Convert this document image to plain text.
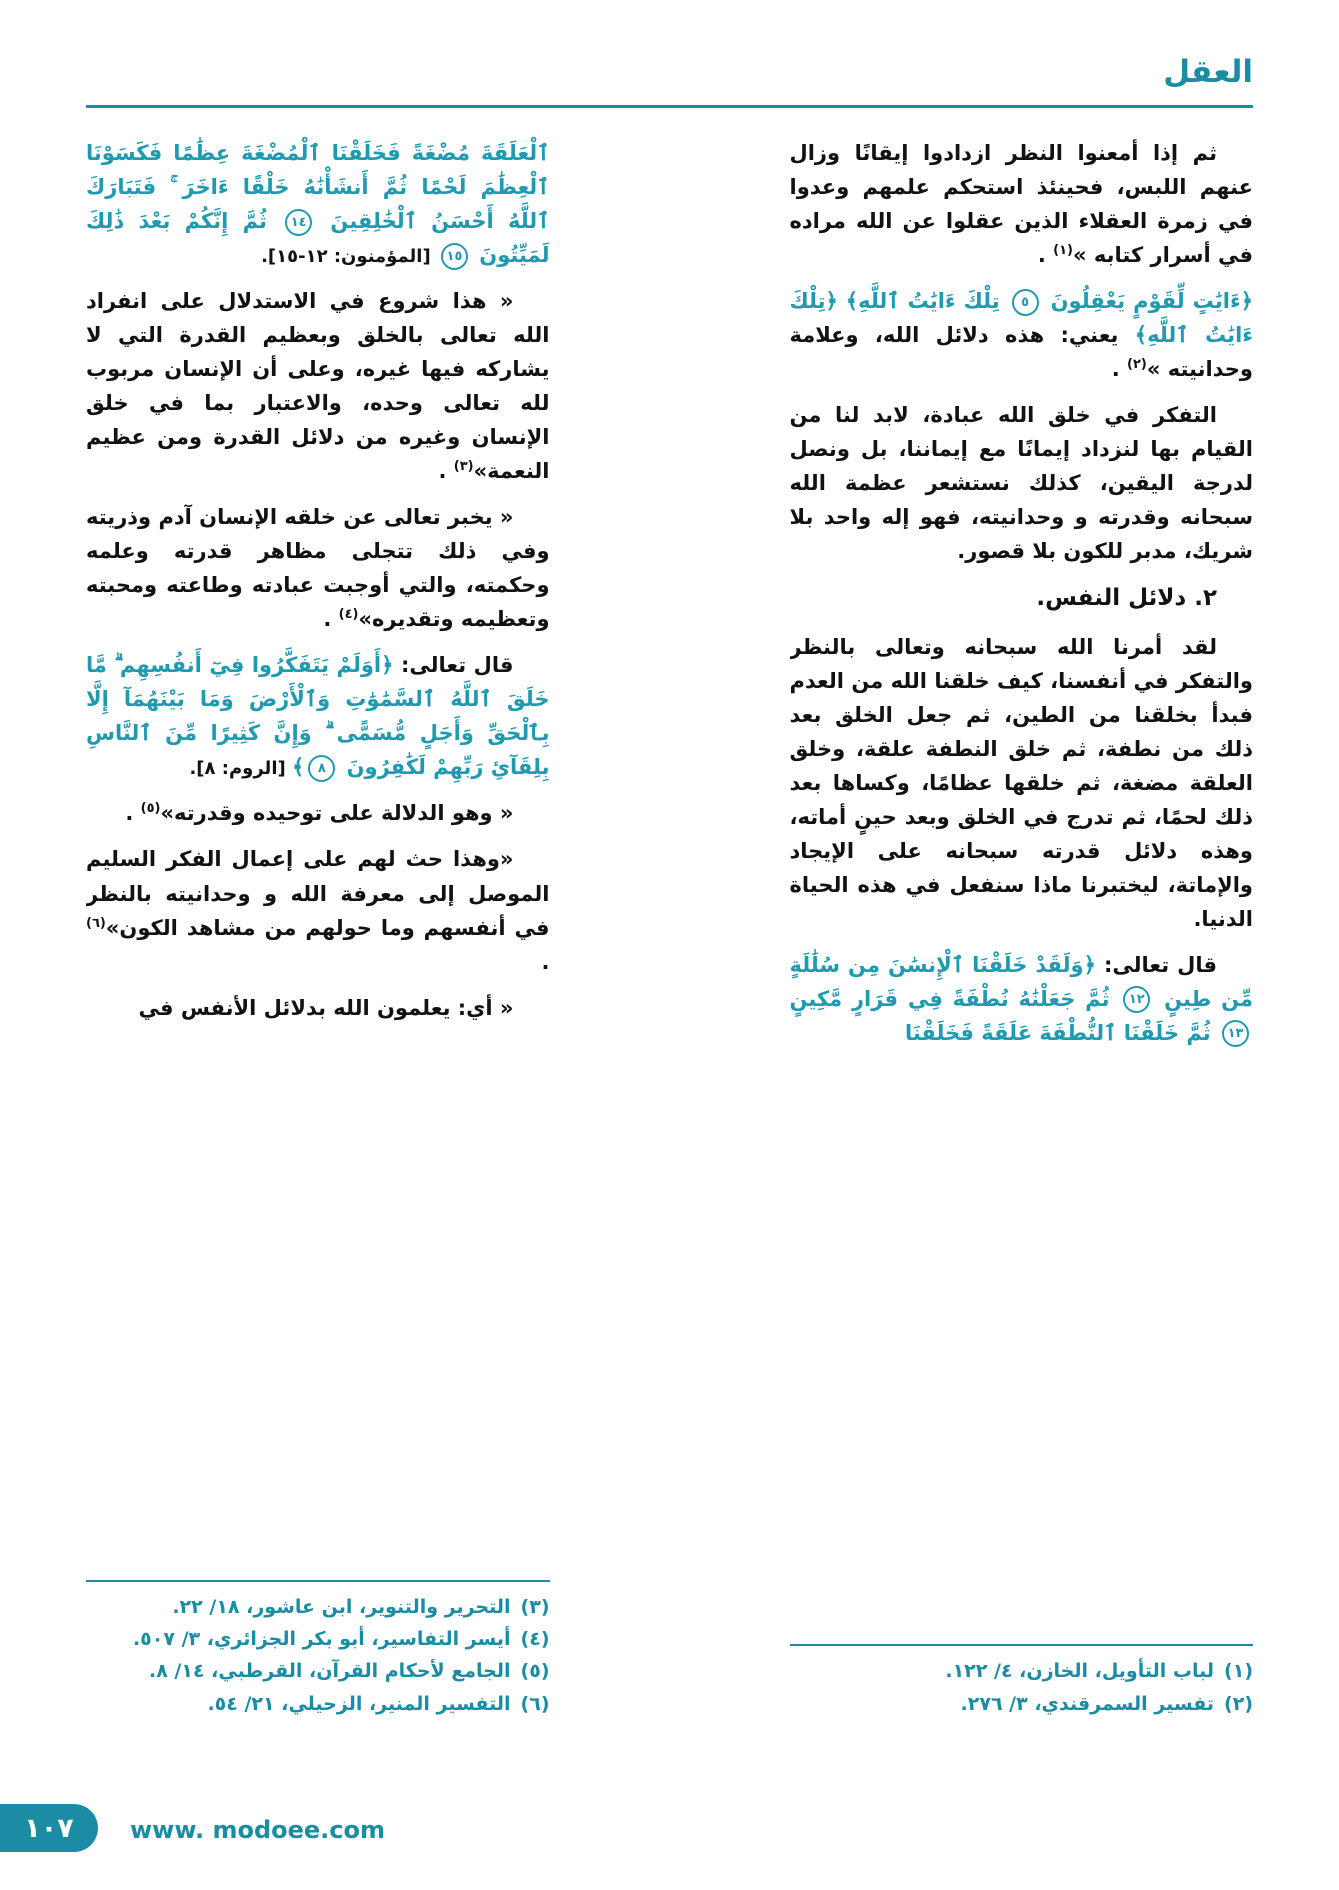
العقل

ثم إذا أمعنوا النظر ازدادوا إيقانًا وزال عنهم اللبس، فحينئذ استحكم علمهم وعدوا في زمرة العقلاء الذين عقلوا عن الله مراده في أسرار كتابه »$^{(١)}$ .

﴿ءَايَٰتٍ لِّقَوْمٍ يَعْقِلُونَ ٥ تِلْكَ ءَايَٰتُ ٱللَّهِ﴾ ﴿تِلْكَ ءَايَٰتُ ٱللَّهِ﴾ يعني: هذه دلائل الله، وعلامة وحدانيته »$^{(٢)}$ .

التفكر في خلق الله عبادة، لابد لنا من القيام بها لنزداد إيمانًا مع إيماننا، بل ونصل لدرجة اليقين، كذلك نستشعر عظمة الله سبحانه وقدرته و وحدانيته، فهو إله واحد بلا شريك، مدبر للكون بلا قصور.

٢. دلائل النفس.

لقد أمرنا الله سبحانه وتعالى بالنظر والتفكر في أنفسنا، كيف خلقنا الله من العدم فبدأ بخلقنا من الطين، ثم جعل الخلق بعد ذلك من نطفة، ثم خلق النطفة علقة، وخلق العلقة مضغة، ثم خلقها عظامًا، وكساها بعد ذلك لحمًا، ثم تدرج في الخلق وبعد حينٍ أماته، وهذه دلائل قدرته سبحانه على الإيجاد والإماتة، ليختبرنا ماذا سنفعل في هذه الحياة الدنيا.

قال تعالى: ﴿وَلَقَدْ خَلَقْنَا ٱلْإِنسَٰنَ مِن سُلَٰلَةٍ مِّن طِينٍ ١٢ ثُمَّ جَعَلْنَٰهُ نُطْفَةً فِي قَرَارٍ مَّكِينٍ ١٣ ثُمَّ خَلَقْنَا ٱلنُّطْفَةَ عَلَقَةً فَخَلَقْنَا

(١)
لباب التأويل، الخازن، ٤/ ١٢٢.
(٢)
تفسير السمرقندي، ٣/ ٢٧٦.

ٱلْعَلَقَةَ مُضْغَةً فَخَلَقْنَا ٱلْمُضْغَةَ عِظَٰمًا فَكَسَوْنَا ٱلْعِظَٰمَ لَحْمًا ثُمَّ أَنشَأْنَٰهُ خَلْقًا ءَاخَرَ ۚ فَتَبَارَكَ ٱللَّهُ أَحْسَنُ ٱلْخَٰلِقِينَ ١٤ ثُمَّ إِنَّكُمْ بَعْدَ ذَٰلِكَ لَمَيِّتُونَ ١٥ [المؤمنون: ١٢-١٥].

« هذا شروع في الاستدلال على انفراد الله تعالى بالخلق وبعظيم القدرة التي لا يشاركه فيها غيره، وعلى أن الإنسان مربوب لله تعالى وحده، والاعتبار بما في خلق الإنسان وغيره من دلائل القدرة ومن عظيم النعمة»$^{(٣)}$ .

« يخبر تعالى عن خلقه الإنسان آدم وذريته وفي ذلك تتجلى مظاهر قدرته وعلمه وحكمته، والتي أوجبت عبادته وطاعته ومحبته وتعظيمه وتقديره»$^{(٤)}$ .

قال تعالى: ﴿أَوَلَمْ يَتَفَكَّرُوا فِيٓ أَنفُسِهِم ۗ مَّا خَلَقَ ٱللَّهُ ٱلسَّمَٰوَٰتِ وَٱلْأَرْضَ وَمَا بَيْنَهُمَآ إِلَّا بِٱلْحَقِّ وَأَجَلٍ مُّسَمًّى ۗ وَإِنَّ كَثِيرًا مِّنَ ٱلنَّاسِ بِلِقَآئِ رَبِّهِمْ لَكَٰفِرُونَ ٨﴾ [الروم: ٨].

« وهو الدلالة على توحيده وقدرته»$^{(٥)}$ .

«وهذا حث لهم على إعمال الفكر السليم الموصل إلى معرفة الله و وحدانيته بالنظر في أنفسهم وما حولهم من مشاهد الكون»$^{(٦)}$ .

« أي: يعلمون الله بدلائل الأنفس في

(٣)
التحرير والتنوير، ابن عاشور، ١٨/ ٢٢.
(٤)
أيسر التفاسير، أبو بكر الجزائري، ٣/ ٥٠٧.
(٥)
الجامع لأحكام القرآن، القرطبي، ١٤/ ٨.
(٦)
التفسير المنير، الزحيلي، ٢١/ ٥٤.
١٠٧ www. modoee.com
